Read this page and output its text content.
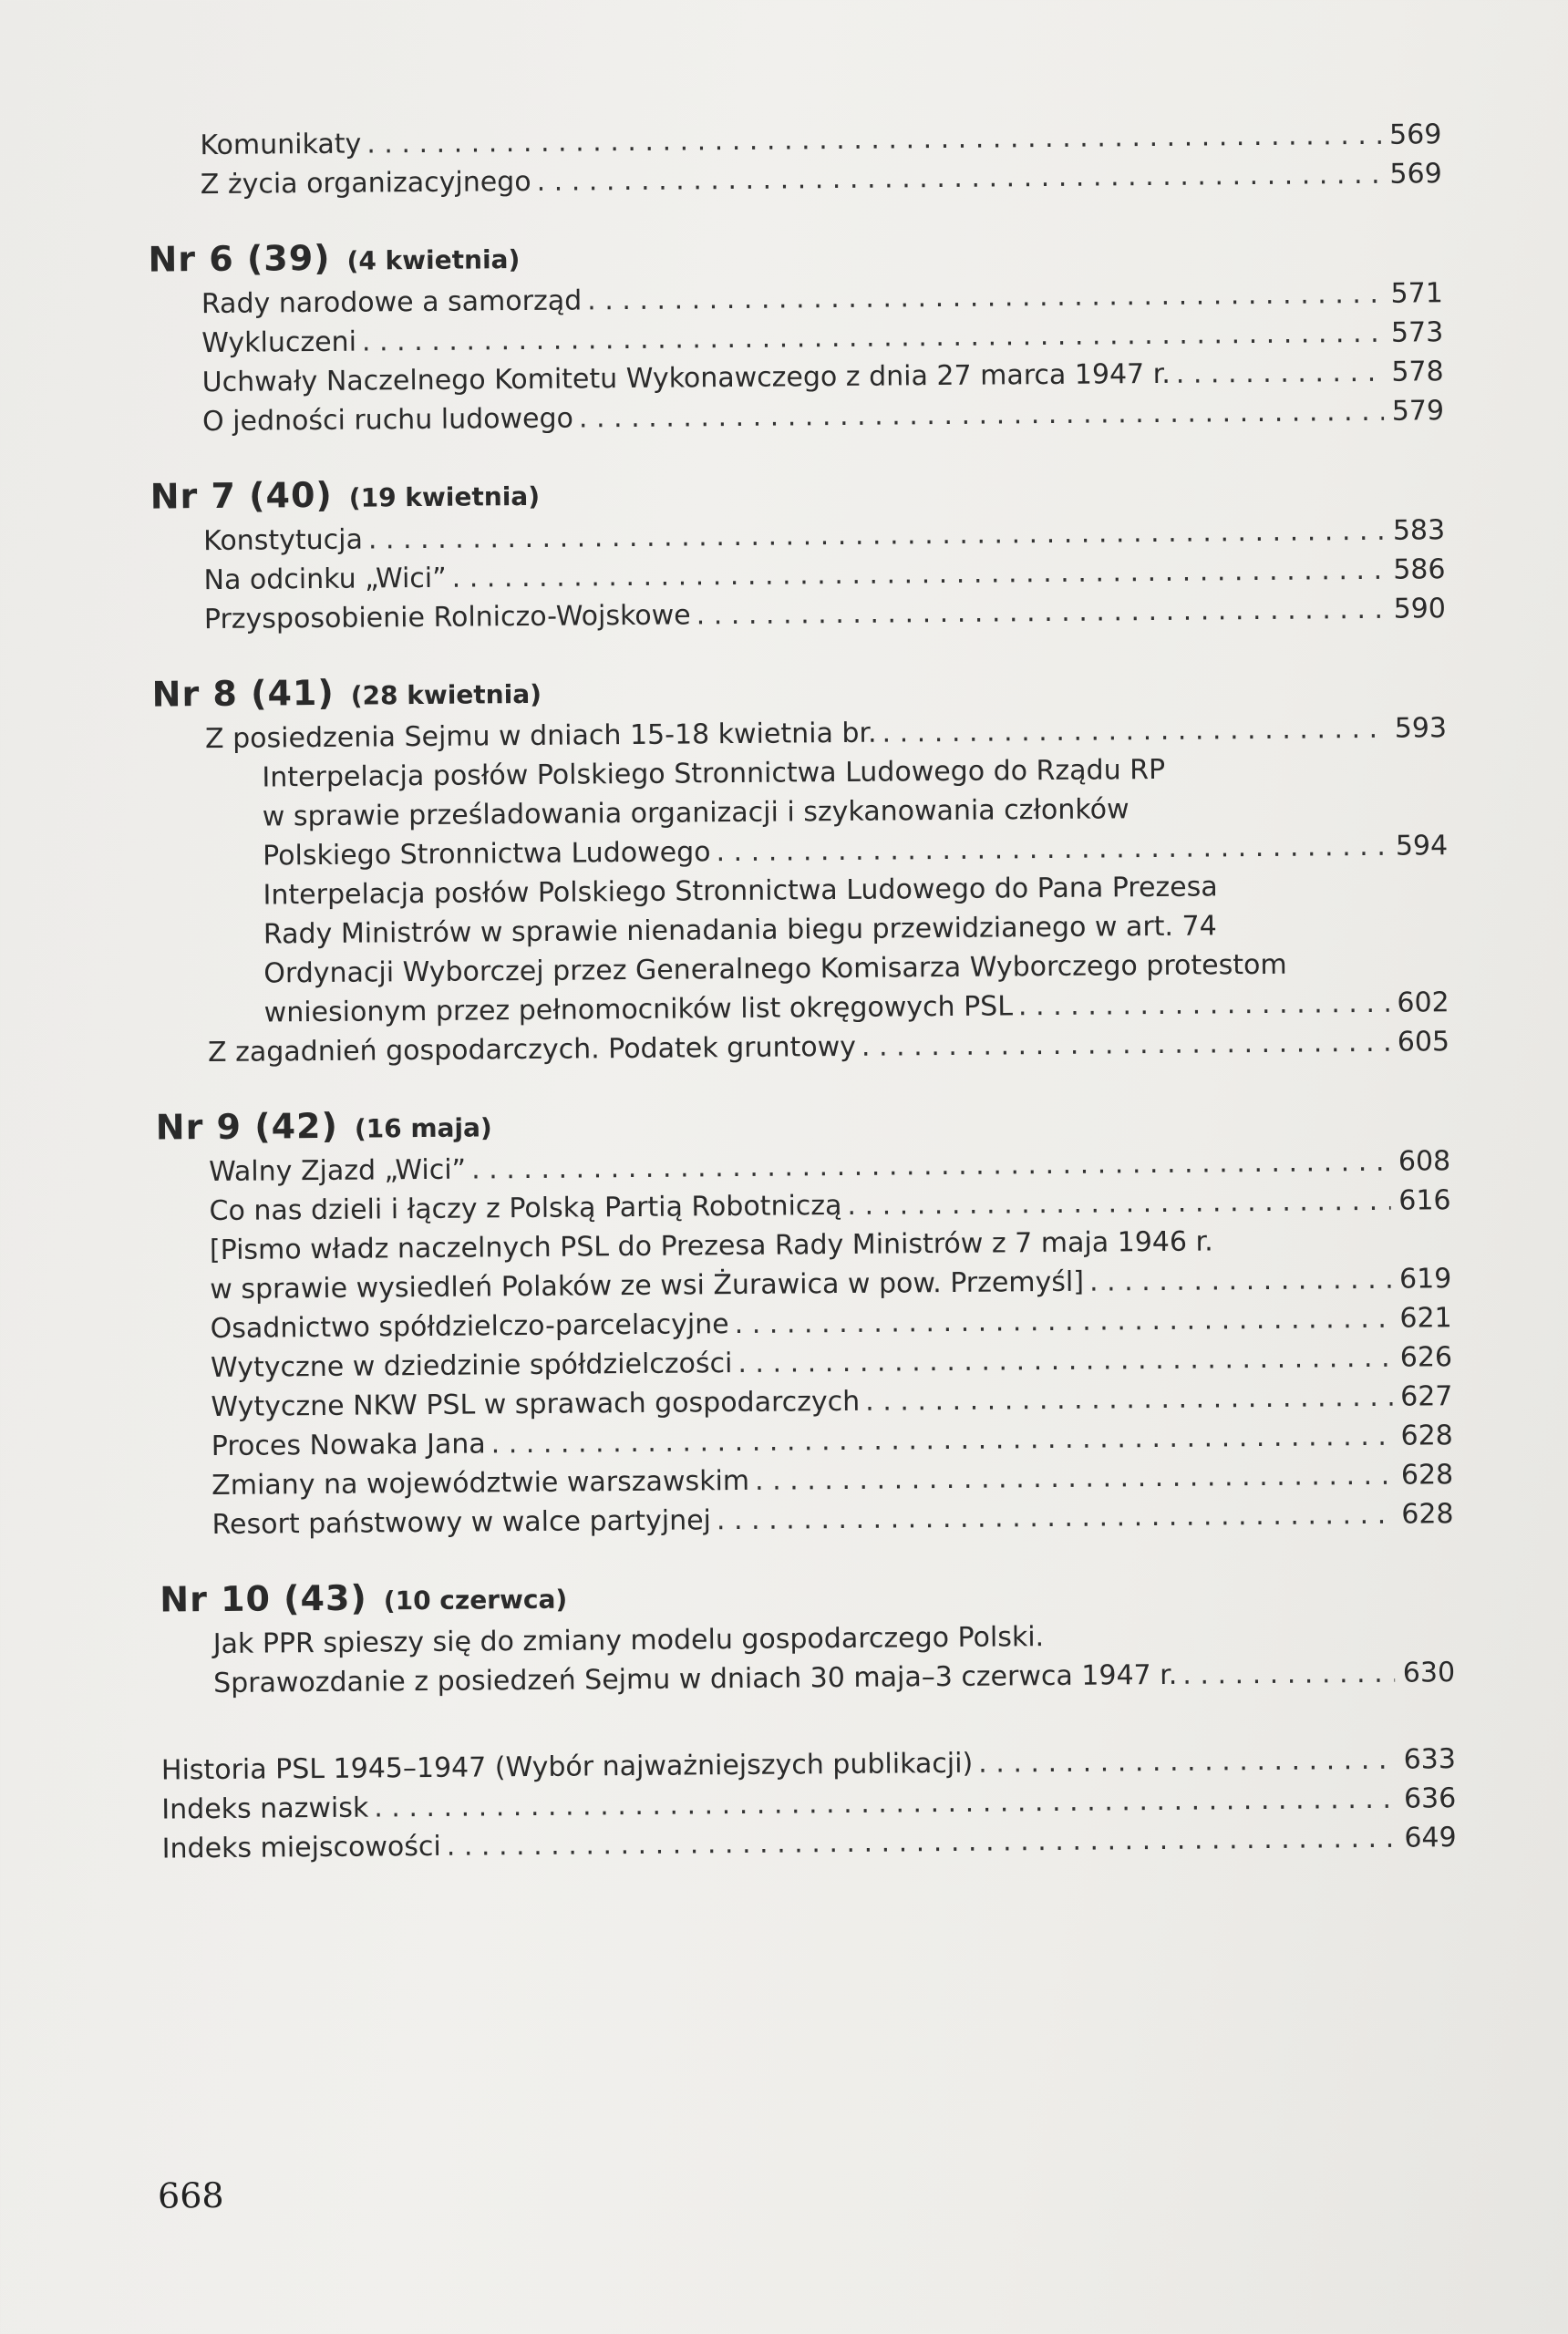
Komunikaty . . .	569
Z życia organizacyjnego . . .	569
Nr 6 (39) (4 kwietnia)
Rady narodowe a samorząd . . .	571
Wykluczeni . . .	573
Uchwały Naczelnego Komitetu Wykonawczego z dnia 27 marca 1947 r. . . .	578
O jedności ruchu ludowego . . .	579
Nr 7 (40) (19 kwietnia)
Konstytucja . . .	583
Na odcinku „Wici” . . .	586
Przysposobienie Rolniczo-Wojskowe . . .	590
Nr 8 (41) (28 kwietnia)
Z posiedzenia Sejmu w dniach 15-18 kwietnia br. . . .	593
Interpelacja posłów Polskiego Stronnictwa Ludowego do Rządu RP
w sprawie prześladowania organizacji i szykanowania członków
Polskiego Stronnictwa Ludowego . . .	594
Interpelacja posłów Polskiego Stronnictwa Ludowego do Pana Prezesa
Rady Ministrów w sprawie nienadania biegu przewidzianego w art. 74
Ordynacji Wyborczej przez Generalnego Komisarza Wyborczego protestom
wniesionym przez pełnomocników list okręgowych PSL . . .	602
Z zagadnień gospodarczych. Podatek gruntowy . . .	605
Nr 9 (42) (16 maja)
Walny Zjazd „Wici” . . .	608
Co nas dzieli i łączy z Polską Partią Robotniczą . . .	616
[Pismo władz naczelnych PSL do Prezesa Rady Ministrów z 7 maja 1946 r.
w sprawie wysiedleń Polaków ze wsi Żurawica w pow. Przemyśl] . . .	619
Osadnictwo spółdzielczo-parcelacyjne . . .	621
Wytyczne w dziedzinie spółdzielczości . . .	626
Wytyczne NKW PSL w sprawach gospodarczych . . .	627
Proces Nowaka Jana . . .	628
Zmiany na województwie warszawskim . . .	628
Resort państwowy w walce partyjnej . . .	628
Nr 10 (43) (10 czerwca)
Jak PPR spieszy się do zmiany modelu gospodarczego Polski.
Sprawozdanie z posiedzeń Sejmu w dniach 30 maja–3 czerwca 1947 r. . . .	630
Historia PSL 1945–1947 (Wybór najważniejszych publikacji) . . .	633
Indeks nazwisk . . .	636
Indeks miejscowości . . .	649
668
